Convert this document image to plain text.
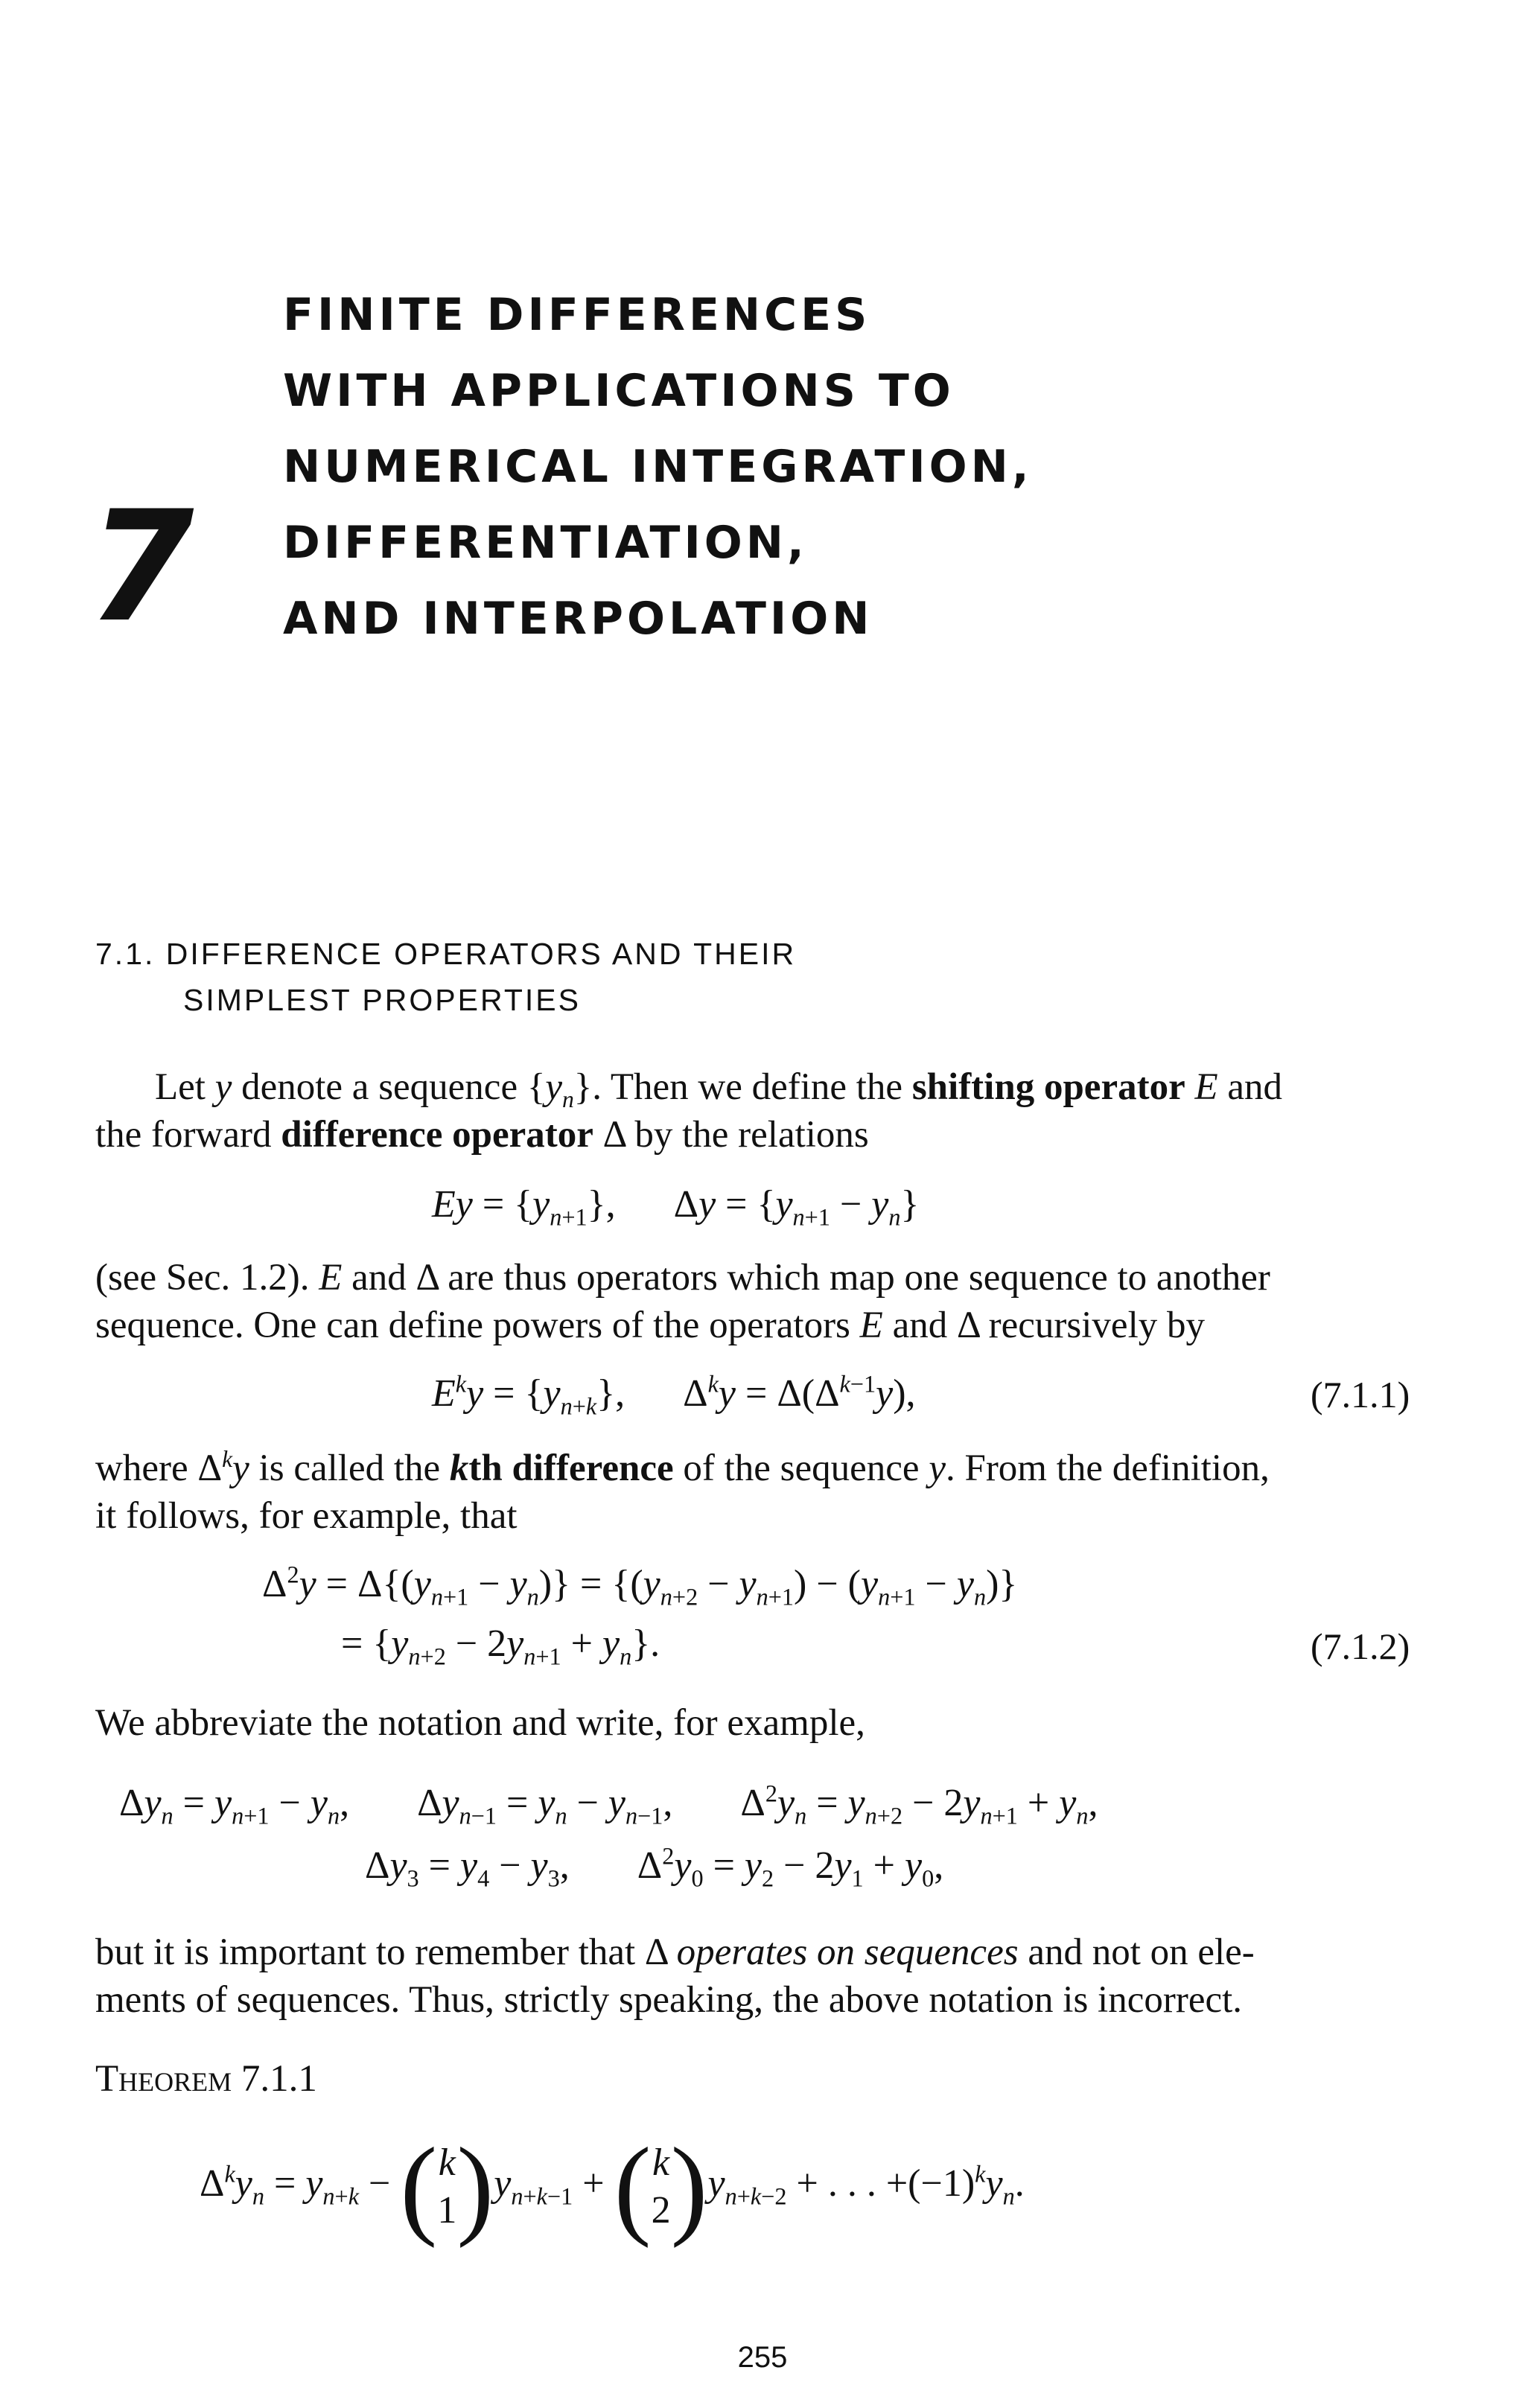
7
FINITE DIFFERENCES
WITH APPLICATIONS TO
NUMERICAL INTEGRATION,
DIFFERENTIATION,
AND INTERPOLATION
7.1. DIFFERENCE OPERATORS AND THEIR
SIMPLEST PROPERTIES
Let y denote a sequence $\{y_n\}$. Then we define the shifting operator E and
the forward difference operator Δ by the relations
$Ey = \{y_{n+1}\}$,      $\Delta y = \{y_{n+1} - y_n\}$
(see Sec. 1.2). E and Δ are thus operators which map one sequence to another
sequence. One can define powers of the operators E and Δ recursively by
$E^ky = \{y_{n+k}\}$,      $\Delta^ky = \Delta(\Delta^{k-1}y)$,	(7.1.1)
where $\Delta^ky$ is called the kth difference of the sequence y. From the definition,
it follows, for example, that
$\Delta^2y = \Delta\{(y_{n+1} - y_n)\} = \{(y_{n+2} - y_{n+1}) - (y_{n+1} - y_n)\}$
= $\{y_{n+2} - 2y_{n+1} + y_n\}$.	(7.1.2)
We abbreviate the notation and write, for example,
$\Delta y_n = y_{n+1} - y_n$,       $\Delta y_{n-1} = y_n - y_{n-1}$,       $\Delta^2y_n = y_{n+2} - 2y_{n+1} + y_n$,
$\Delta y_3 = y_4 - y_3$,       $\Delta^2y_0 = y_2 - 2y_1 + y_0$,
but it is important to remember that Δ operates on sequences and not on ele-
ments of sequences. Thus, strictly speaking, the above notation is incorrect.
Theorem 7.1.1
$\Delta^ky_n = y_{n+k} - (k$
$1)y_{n+k-1} + (k$
$2)y_{n+k-2}$ + . . . $+(-1)^ky_n$.
255
